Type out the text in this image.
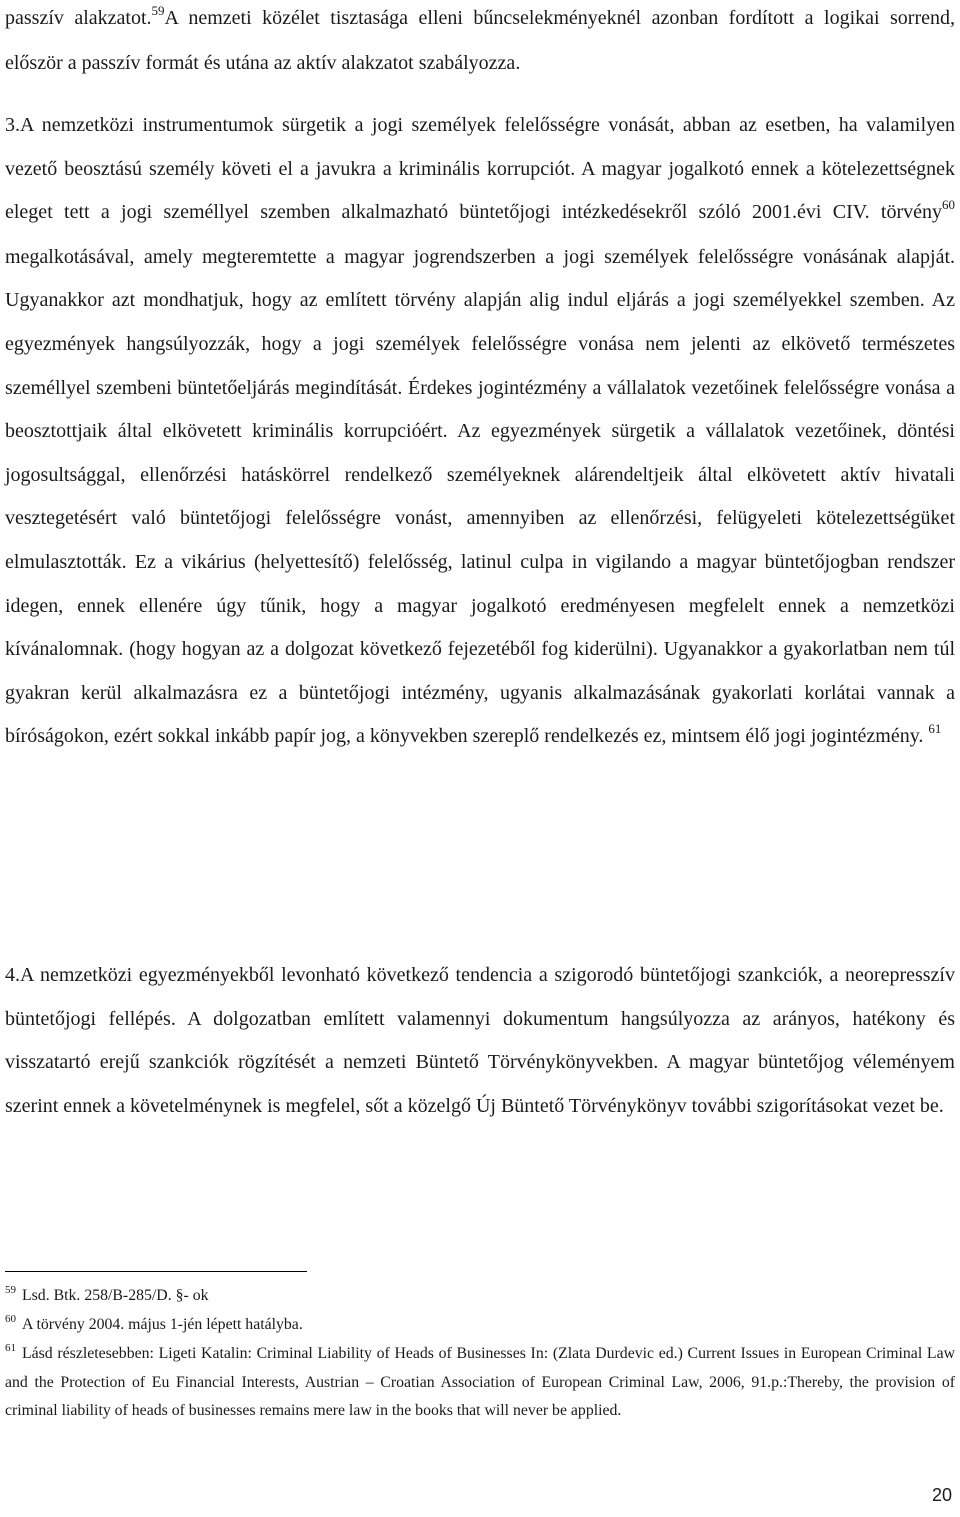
passzív alakzatot.$^{59}$A nemzeti közélet tisztasága elleni bűncselekményeknél azonban fordított a logikai sorrend, először a passzív formát és utána az aktív alakzatot szabályozza.

3.A nemzetközi instrumentumok sürgetik a jogi személyek felelősségre vonását, abban az esetben, ha valamilyen vezető beosztású személy követi el a javukra a kriminális korrupciót. A magyar jogalkotó ennek a kötelezettségnek eleget tett a jogi személlyel szemben alkalmazható büntetőjogi intézkedésekről szóló 2001.évi CIV. törvény$^{60}$ megalkotásával, amely megteremtette a magyar jogrendszerben a jogi személyek felelősségre vonásának alapját. Ugyanakkor azt mondhatjuk, hogy az említett törvény alapján alig indul eljárás a jogi személyekkel szemben. Az egyezmények hangsúlyozzák, hogy a jogi személyek felelősségre vonása nem jelenti az elkövető természetes személlyel szembeni büntetőeljárás megindítását. Érdekes jogintézmény a vállalatok vezetőinek felelősségre vonása a beosztottjaik által elkövetett kriminális korrupcióért. Az egyezmények sürgetik a vállalatok vezetőinek, döntési jogosultsággal, ellenőrzési hatáskörrel rendelkező személyeknek alárendeltjeik által elkövetett aktív hivatali vesztegetésért való büntetőjogi felelősségre vonást, amennyiben az ellenőrzési, felügyeleti kötelezettségüket elmulasztották. Ez a vikárius (helyettesítő) felelősség, latinul culpa in vigilando a magyar büntetőjogban rendszer idegen, ennek ellenére úgy tűnik, hogy a magyar jogalkotó eredményesen megfelelt ennek a nemzetközi kívánalomnak. (hogy hogyan az a dolgozat következő fejezetéből fog kiderülni). Ugyanakkor a gyakorlatban nem túl gyakran kerül alkalmazásra ez a büntetőjogi intézmény, ugyanis alkalmazásának gyakorlati korlátai vannak a bíróságokon, ezért sokkal inkább papír jog, a könyvekben szereplő rendelkezés ez, mintsem élő jogi jogintézmény. $^{61}$

4.A nemzetközi egyezményekből levonható következő tendencia a szigorodó büntetőjogi szankciók, a neorepresszív büntetőjogi fellépés. A dolgozatban említett valamennyi dokumentum hangsúlyozza az arányos, hatékony és visszatartó erejű szankciók rögzítését a nemzeti Büntető Törvénykönyvekben. A magyar büntetőjog véleményem szerint ennek a követelménynek is megfelel, sőt a közelgő Új Büntető Törvénykönyv további szigorításokat vezet be.

$^{59}$ Lsd. Btk. 258/B-285/D. §- ok

$^{60}$ A törvény 2004. május 1-jén lépett hatályba.

$^{61}$ Lásd részletesebben: Ligeti Katalin: Criminal Liability of Heads of Businesses In: (Zlata Durdevic ed.) Current Issues in European Criminal Law and the Protection of Eu Financial Interests, Austrian – Croatian Association of European Criminal Law, 2006, 91.p.:Thereby, the provision of criminal liability of heads of businesses remains mere law in the books that will never be applied.

20
